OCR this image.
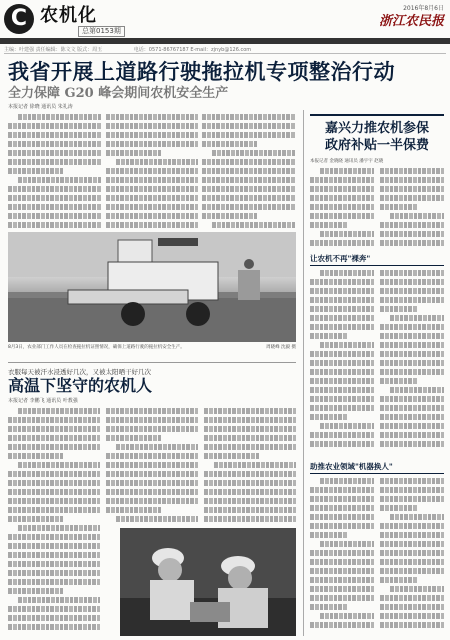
C 农机化
总第0153期
2016年8月6日
浙江农民报
主编：叶建强 责任编辑：陈文文 版式：周玉	电话：0571-86767187 E-mail：zjnyb@126.com
我省开展上道路行驶拖拉机专项整治行动
全力保障 G20 峰会期间农机安全生产
本报记者 徐晓 通讯员 朱礼涛
8月3日，农业部门工作人员在检查拖拉机证照情况，确保上道路行驶的拖拉机安全生产。	周晓峰 沈毅 摄
衣服每天被汗水浸透好几次，又被太阳晒干好几次
高温下坚守的农机人
本报记者 李鹏飞 通讯员 叶教强
嘉兴力推农机参保
政府补贴一半保费
本报记者 金晓晓 通讯员 潘宇宇 赵晓
让农机不再"裸奔"
助推农业领域"机器换人"
